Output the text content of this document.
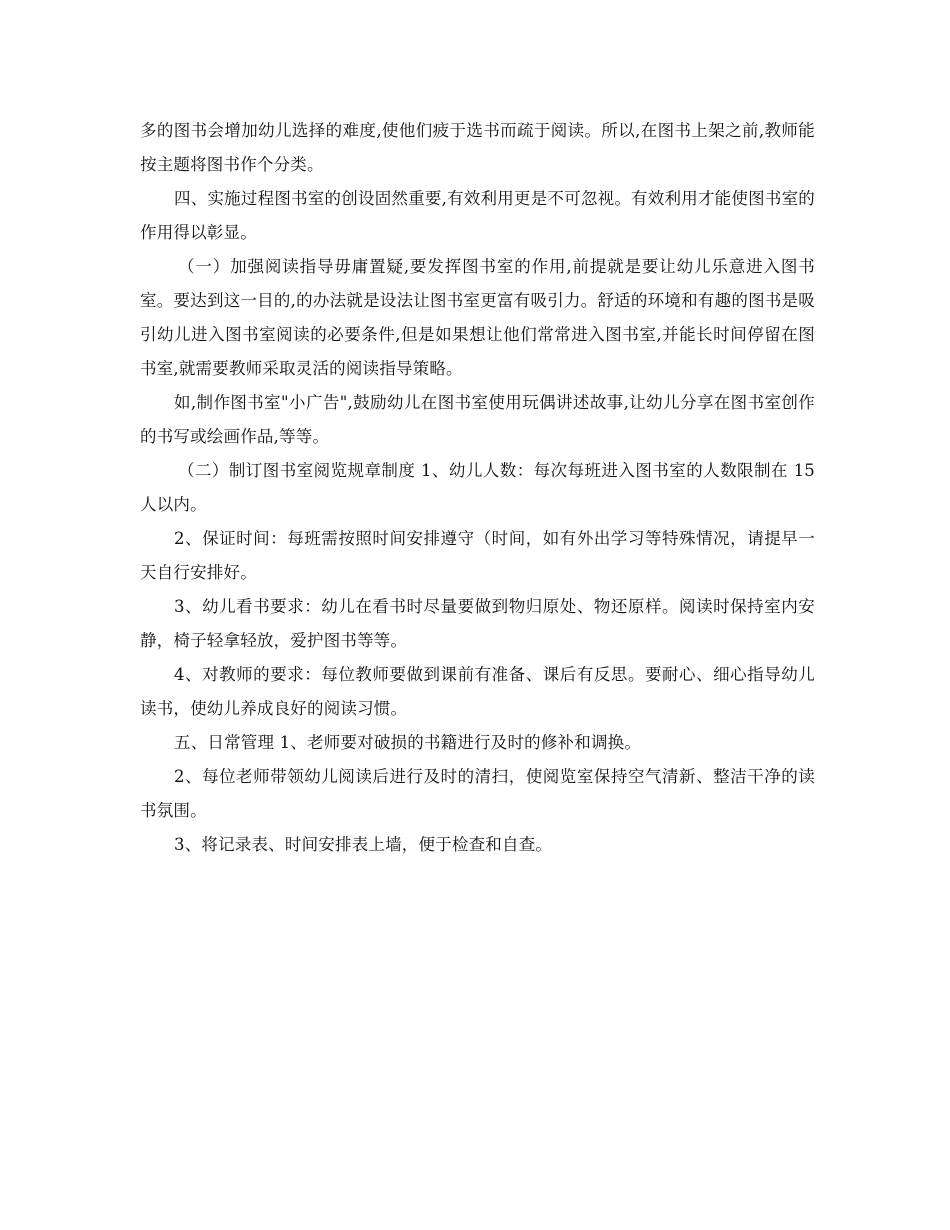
多的图书会增加幼儿选择的难度,使他们疲于选书而疏于阅读。所以,在图书上架之前,教师能按主题将图书作个分类。

四、实施过程图书室的创设固然重要,有效利用更是不可忽视。有效利用才能使图书室的作用得以彰显。

（一）加强阅读指导毋庸置疑,要发挥图书室的作用,前提就是要让幼儿乐意进入图书室。要达到这一目的,的办法就是设法让图书室更富有吸引力。舒适的环境和有趣的图书是吸引幼儿进入图书室阅读的必要条件,但是如果想让他们常常进入图书室,并能长时间停留在图书室,就需要教师采取灵活的阅读指导策略。

如,制作图书室"小广告",鼓励幼儿在图书室使用玩偶讲述故事,让幼儿分享在图书室创作的书写或绘画作品,等等。

（二）制订图书室阅览规章制度 1、幼儿人数：每次每班进入图书室的人数限制在 15 人以内。

2、保证时间：每班需按照时间安排遵守（时间，如有外出学习等特殊情况，请提早一天自行安排好。

3、幼儿看书要求：幼儿在看书时尽量要做到物归原处、物还原样。阅读时保持室内安静，椅子轻拿轻放，爱护图书等等。

4、对教师的要求：每位教师要做到课前有准备、课后有反思。要耐心、细心指导幼儿读书，使幼儿养成良好的阅读习惯。

五、日常管理 1、老师要对破损的书籍进行及时的修补和调换。

2、每位老师带领幼儿阅读后进行及时的清扫，使阅览室保持空气清新、整洁干净的读书氛围。

3、将记录表、时间安排表上墙，便于检查和自查。
